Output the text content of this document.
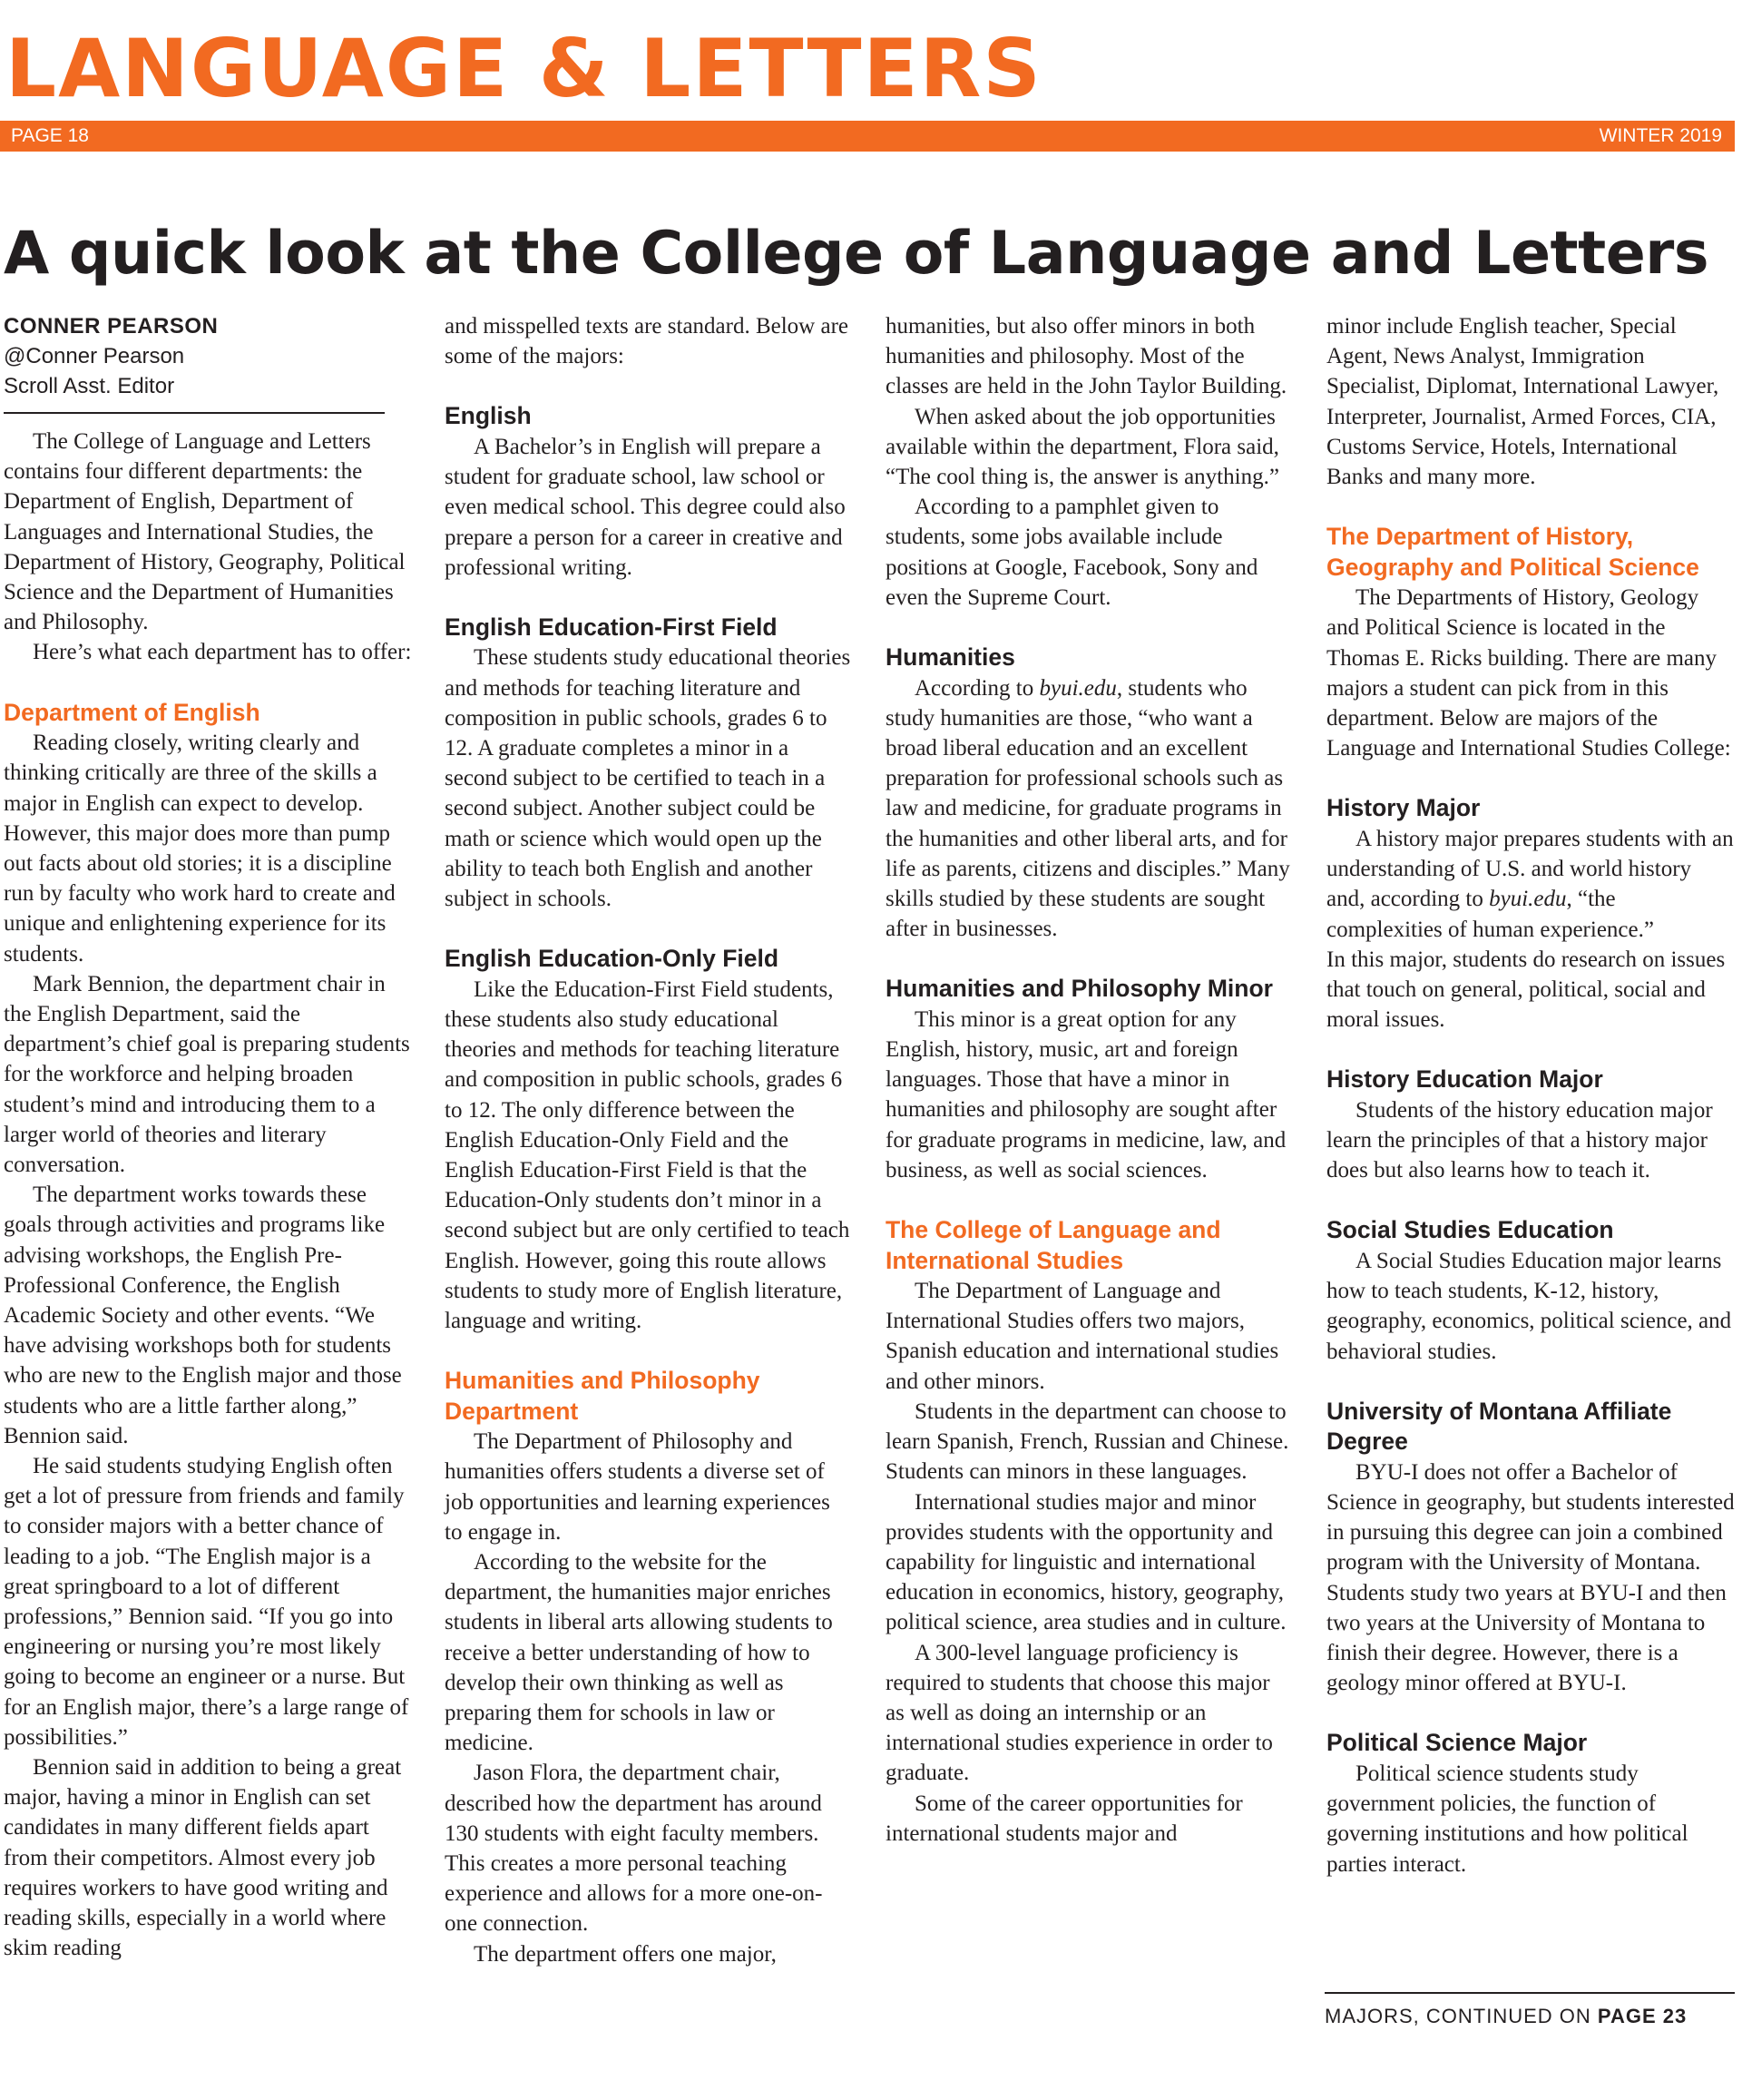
LANGUAGE & LETTERS
PAGE 18	WINTER 2019
A quick look at the College of Language and Letters
CONNER PEARSON
@Conner Pearson
Scroll Asst. Editor

The College of Language and Letters contains four different departments: the Department of English, Department of Languages and International Studies, the Department of History, Geography, Political Science and the Department of Humanities and Philosophy.

Here’s what each department has to offer:

Department of English

Reading closely, writing clearly and thinking critically are three of the skills a major in English can expect to develop. However, this major does more than pump out facts about old stories; it is a discipline run by faculty who work hard to create and unique and enlightening experience for its students.

Mark Bennion, the department chair in the English Department, said the department’s chief goal is preparing students for the workforce and helping broaden student’s mind and introducing them to a larger world of theories and literary conversation.

The department works towards these goals through activities and programs like advising workshops, the English Pre-Professional Conference, the English Academic Society and other events. “We have advising workshops both for students who are new to the English major and those students who are a little farther along,” Bennion said.

He said students studying English often get a lot of pressure from friends and family to consider majors with a better chance of leading to a job. “The English major is a great springboard to a lot of different professions,” Bennion said. “If you go into engineering or nursing you’re most likely going to become an engineer or a nurse. But for an English major, there’s a large range of possibilities.”

Bennion said in addition to being a great major, having a minor in English can set candidates in many different fields apart from their competitors. Almost every job requires workers to have good writing and reading skills, especially in a world where skim reading

and misspelled texts are standard. Below are some of the majors:

English

A Bachelor’s in English will prepare a student for graduate school, law school or even medical school. This degree could also prepare a person for a career in creative and professional writing.

English Education-First Field

These students study educational theories and methods for teaching literature and composition in public schools, grades 6 to 12. A graduate completes a minor in a second subject to be certified to teach in a second subject. Another subject could be math or science which would open up the ability to teach both English and another subject in schools.

English Education-Only Field

Like the Education-First Field students, these students also study educational theories and methods for teaching literature and composition in public schools, grades 6 to 12. The only difference between the English Education-Only Field and the English Education-First Field is that the Education-Only students don’t minor in a second subject but are only certified to teach English. However, going this route allows students to study more of English literature, language and writing.

Humanities and Philosophy Department

The Department of Philosophy and humanities offers students a diverse set of job opportunities and learning experiences to engage in.

According to the website for the department, the humanities major enriches students in liberal arts allowing students to receive a better understanding of how to develop their own thinking as well as preparing them for schools in law or medicine.

Jason Flora, the department chair, described how the department has around 130 students with eight faculty members. This creates a more personal teaching experience and allows for a more one-on-one connection.

The department offers one major,

humanities, but also offer minors in both humanities and philosophy. Most of the classes are held in the John Taylor Building.

When asked about the job opportunities available within the department, Flora said, “The cool thing is, the answer is anything.”

According to a pamphlet given to students, some jobs available include positions at Google, Facebook, Sony and even the Supreme Court.

Humanities

According to byui.edu, students who study humanities are those, “who want a broad liberal education and an excellent preparation for professional schools such as law and medicine, for graduate programs in the humanities and other liberal arts, and for life as parents, citizens and disciples.” Many skills studied by these students are sought after in businesses.

Humanities and Philosophy Minor

This minor is a great option for any English, history, music, art and foreign languages. Those that have a minor in humanities and philosophy are sought after for graduate programs in medicine, law, and business, as well as social sciences.

The College of Language and International Studies

The Department of Language and International Studies offers two majors, Spanish education and international studies and other minors.

Students in the department can choose to learn Spanish, French, Russian and Chinese. Students can minors in these languages.

International studies major and minor provides students with the opportunity and capability for linguistic and international education in economics, history, geography, political science, area studies and in culture.

A 300-level language proficiency is required to students that choose this major as well as doing an internship or an international studies experience in order to graduate.

Some of the career opportunities for international students major and

minor include English teacher, Special Agent, News Analyst, Immigration Specialist, Diplomat, International Lawyer, Interpreter, Journalist, Armed Forces, CIA, Customs Service, Hotels, International Banks and many more.

The Department of History, Geography and Political Science

The Departments of History, Geology and Political Science is located in the Thomas E. Ricks building. There are many majors a student can pick from in this department. Below are majors of the Language and International Studies College:

History Major

A history major prepares students with an understanding of U.S. and world history and, according to byui.edu, “the complexities of human experience.”

In this major, students do research on issues that touch on general, political, social and moral issues.

History Education Major

Students of the history education major learn the principles of that a history major does but also learns how to teach it.

Social Studies Education

A Social Studies Education major learns how to teach students, K-12, history, geography, economics, political science, and behavioral studies.

University of Montana Affiliate Degree

BYU-I does not offer a Bachelor of Science in geography, but students interested in pursuing this degree can join a combined program with the University of Montana. Students study two years at BYU-I and then two years at the University of Montana to finish their degree. However, there is a geology minor offered at BYU-I.

Political Science Major

Political science students study government policies, the function of governing institutions and how political parties interact.

MAJORS, CONTINUED ON PAGE 23
